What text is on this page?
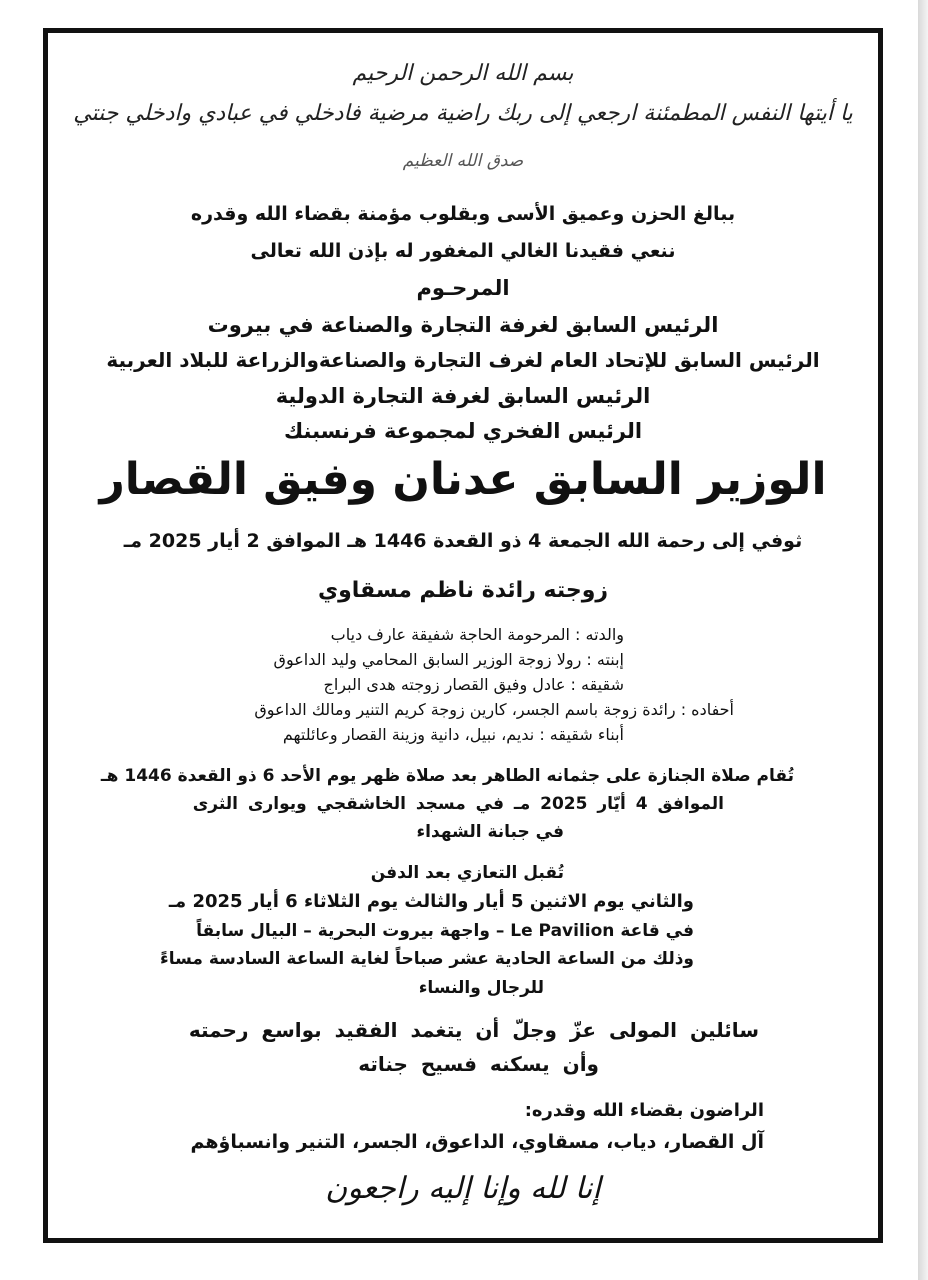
بسم الله الرحمن الرحيم
يا أيتها النفس المطمئنة ارجعي إلى ربك راضية مرضية فادخلي في عبادي وادخلي جنتي
صدق الله العظيم
ببالغ الحزن وعميق الأسى وبقلوب مؤمنة بقضاء الله وقدره
ننعي فقيدنا الغالي المغفور له بإذن الله تعالى
المرحـوم
الرئيس السابق لغرفة التجارة والصناعة في بيروت
الرئيس السابق للإتحاد العام لغرف التجارة والصناعةوالزراعة للبلاد العربية
الرئيس السابق لغرفة التجارة الدولية
الرئيس الفخري لمجموعة فرنسبنك
الوزير السابق عدنان وفيق القصار
ثوفي إلى رحمة الله الجمعة 4 ذو القعدة 1446 هـ الموافق 2 أيار 2025 مـ
زوجته رائدة ناظم مسقاوي
والدته : المرحومة الحاجة شفيقة عارف دياب
إبنته : رولا زوجة الوزير السابق المحامي وليد الداعوق
شقيقه : عادل وفيق القصار زوجته هدى البراج
أحفاده : رائدة زوجة باسم الجسر، كارين زوجة كريم التنير ومالك الداعوق
أبناء شقيقه : نديم، نبيل، دانية وزينة القصار وعائلتهم
تُقام صلاة الجنازة على جثمانه الطاهر بعد صلاة ظهر يوم الأحد 6 ذو القعدة 1446 هـ
الموافق 4 أيّار 2025 مـ في مسجد الخاشقجي ويوارى الثرى
في جبانة الشهداء
تُقبل التعازي بعد الدفن
والثاني يوم الاثنين 5 أيار والثالث يوم الثلاثاء 6 أيار 2025 مـ
في قاعة Le Pavilion – واجهة بيروت البحرية – البيال سابقاً
وذلك من الساعة الحادية عشر صباحاً لغاية الساعة السادسة مساءً
للرجال والنساء
سائلين المولى عزّ وجلّ أن يتغمد الفقيد بواسع رحمته
وأن يسكنه فسيح جناته
الراضون بقضاء الله وقدره:
آل القصار، دياب، مسقاوي، الداعوق، الجسر، التنير وانسباؤهم
إنا لله وإنا إليه راجعون
